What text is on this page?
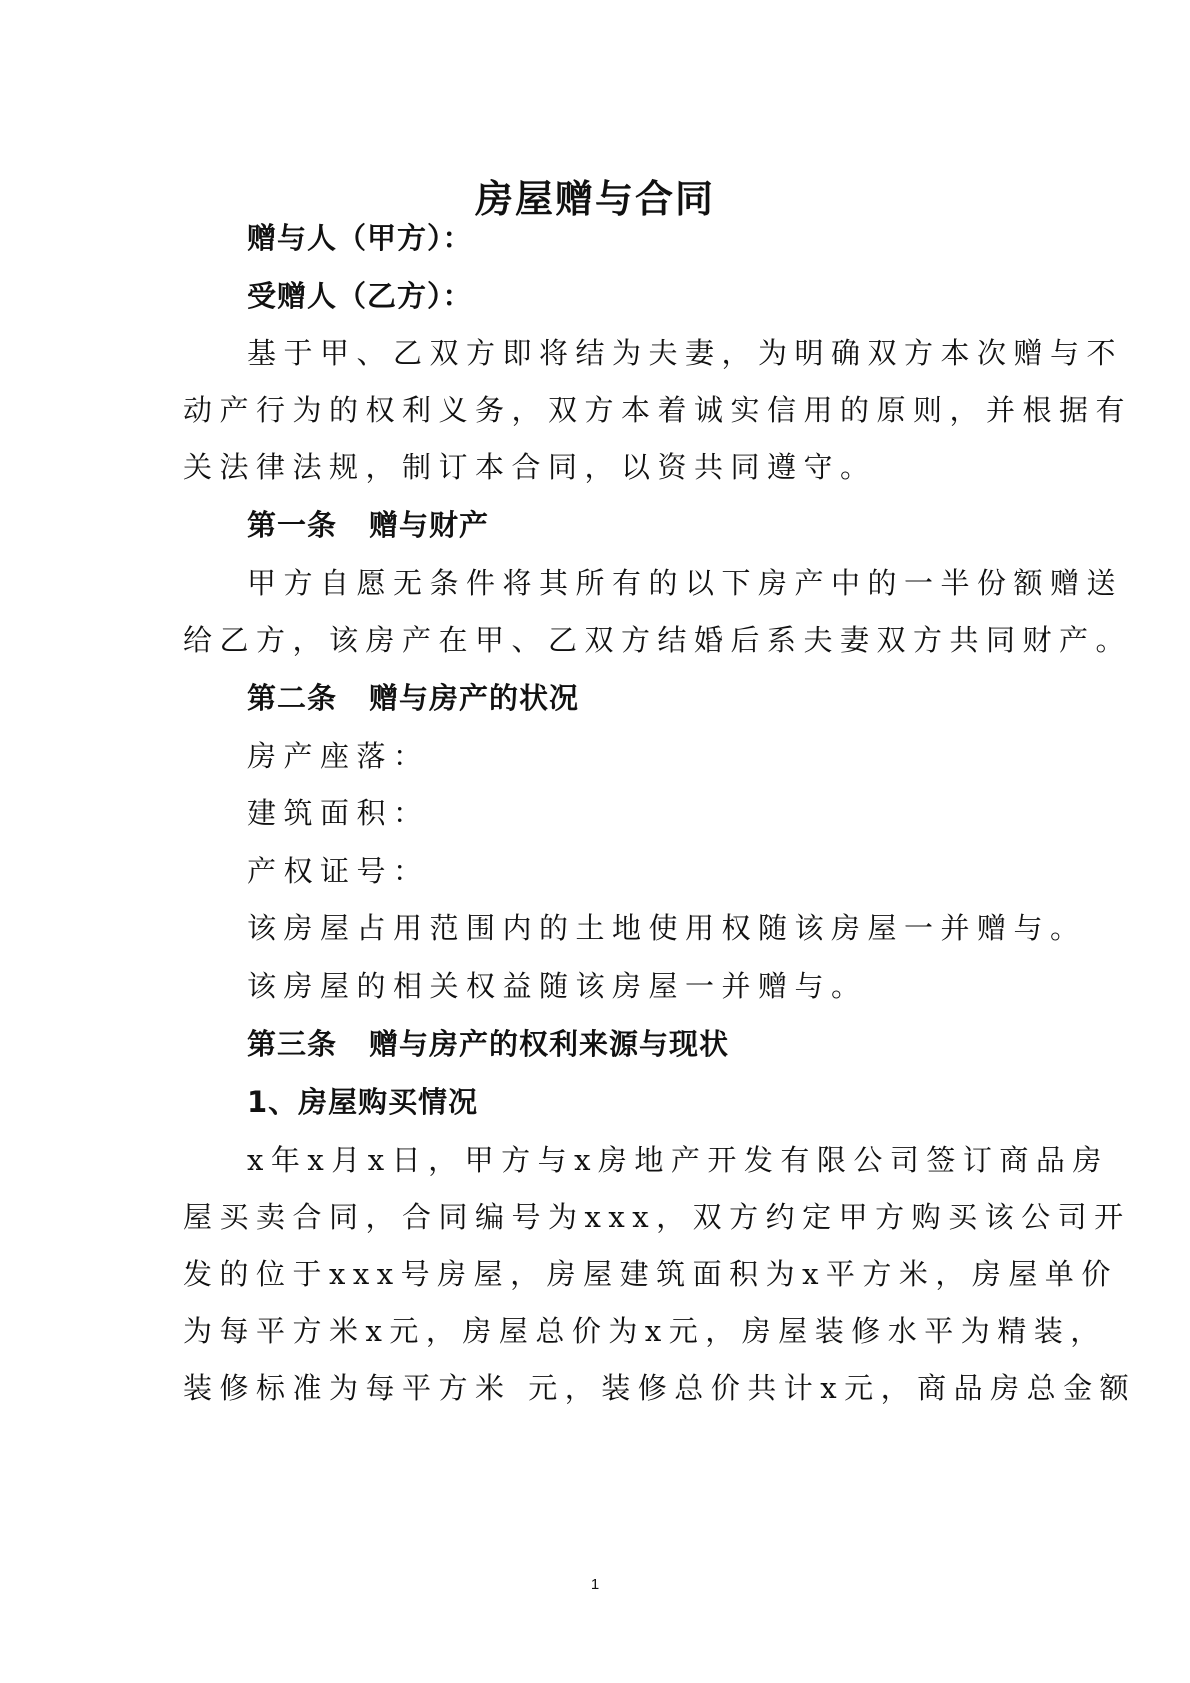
房屋赠与合同
赠与人（甲方）：
受赠人（乙方）：
基于甲、乙双方即将结为夫妻，为明确双方本次赠与不
动产行为的权利义务，双方本着诚实信用的原则，并根据有
关法律法规，制订本合同，以资共同遵守。
第一条 赠与财产
甲方自愿无条件将其所有的以下房产中的一半份额赠送
给乙方，该房产在甲、乙双方结婚后系夫妻双方共同财产。
第二条 赠与房产的状况
房产座落：
建筑面积：
产权证号：
该房屋占用范围内的土地使用权随该房屋一并赠与。
该房屋的相关权益随该房屋一并赠与。
第三条 赠与房产的权利来源与现状
1、房屋购买情况
x年x月x日，甲方与x房地产开发有限公司签订商品房
屋买卖合同，合同编号为xxx，双方约定甲方购买该公司开
发的位于xxx号房屋，房屋建筑面积为x平方米，房屋单价
为每平方米x元，房屋总价为x元，房屋装修水平为精装，
装修标准为每平方米 元，装修总价共计x元，商品房总金额
1
